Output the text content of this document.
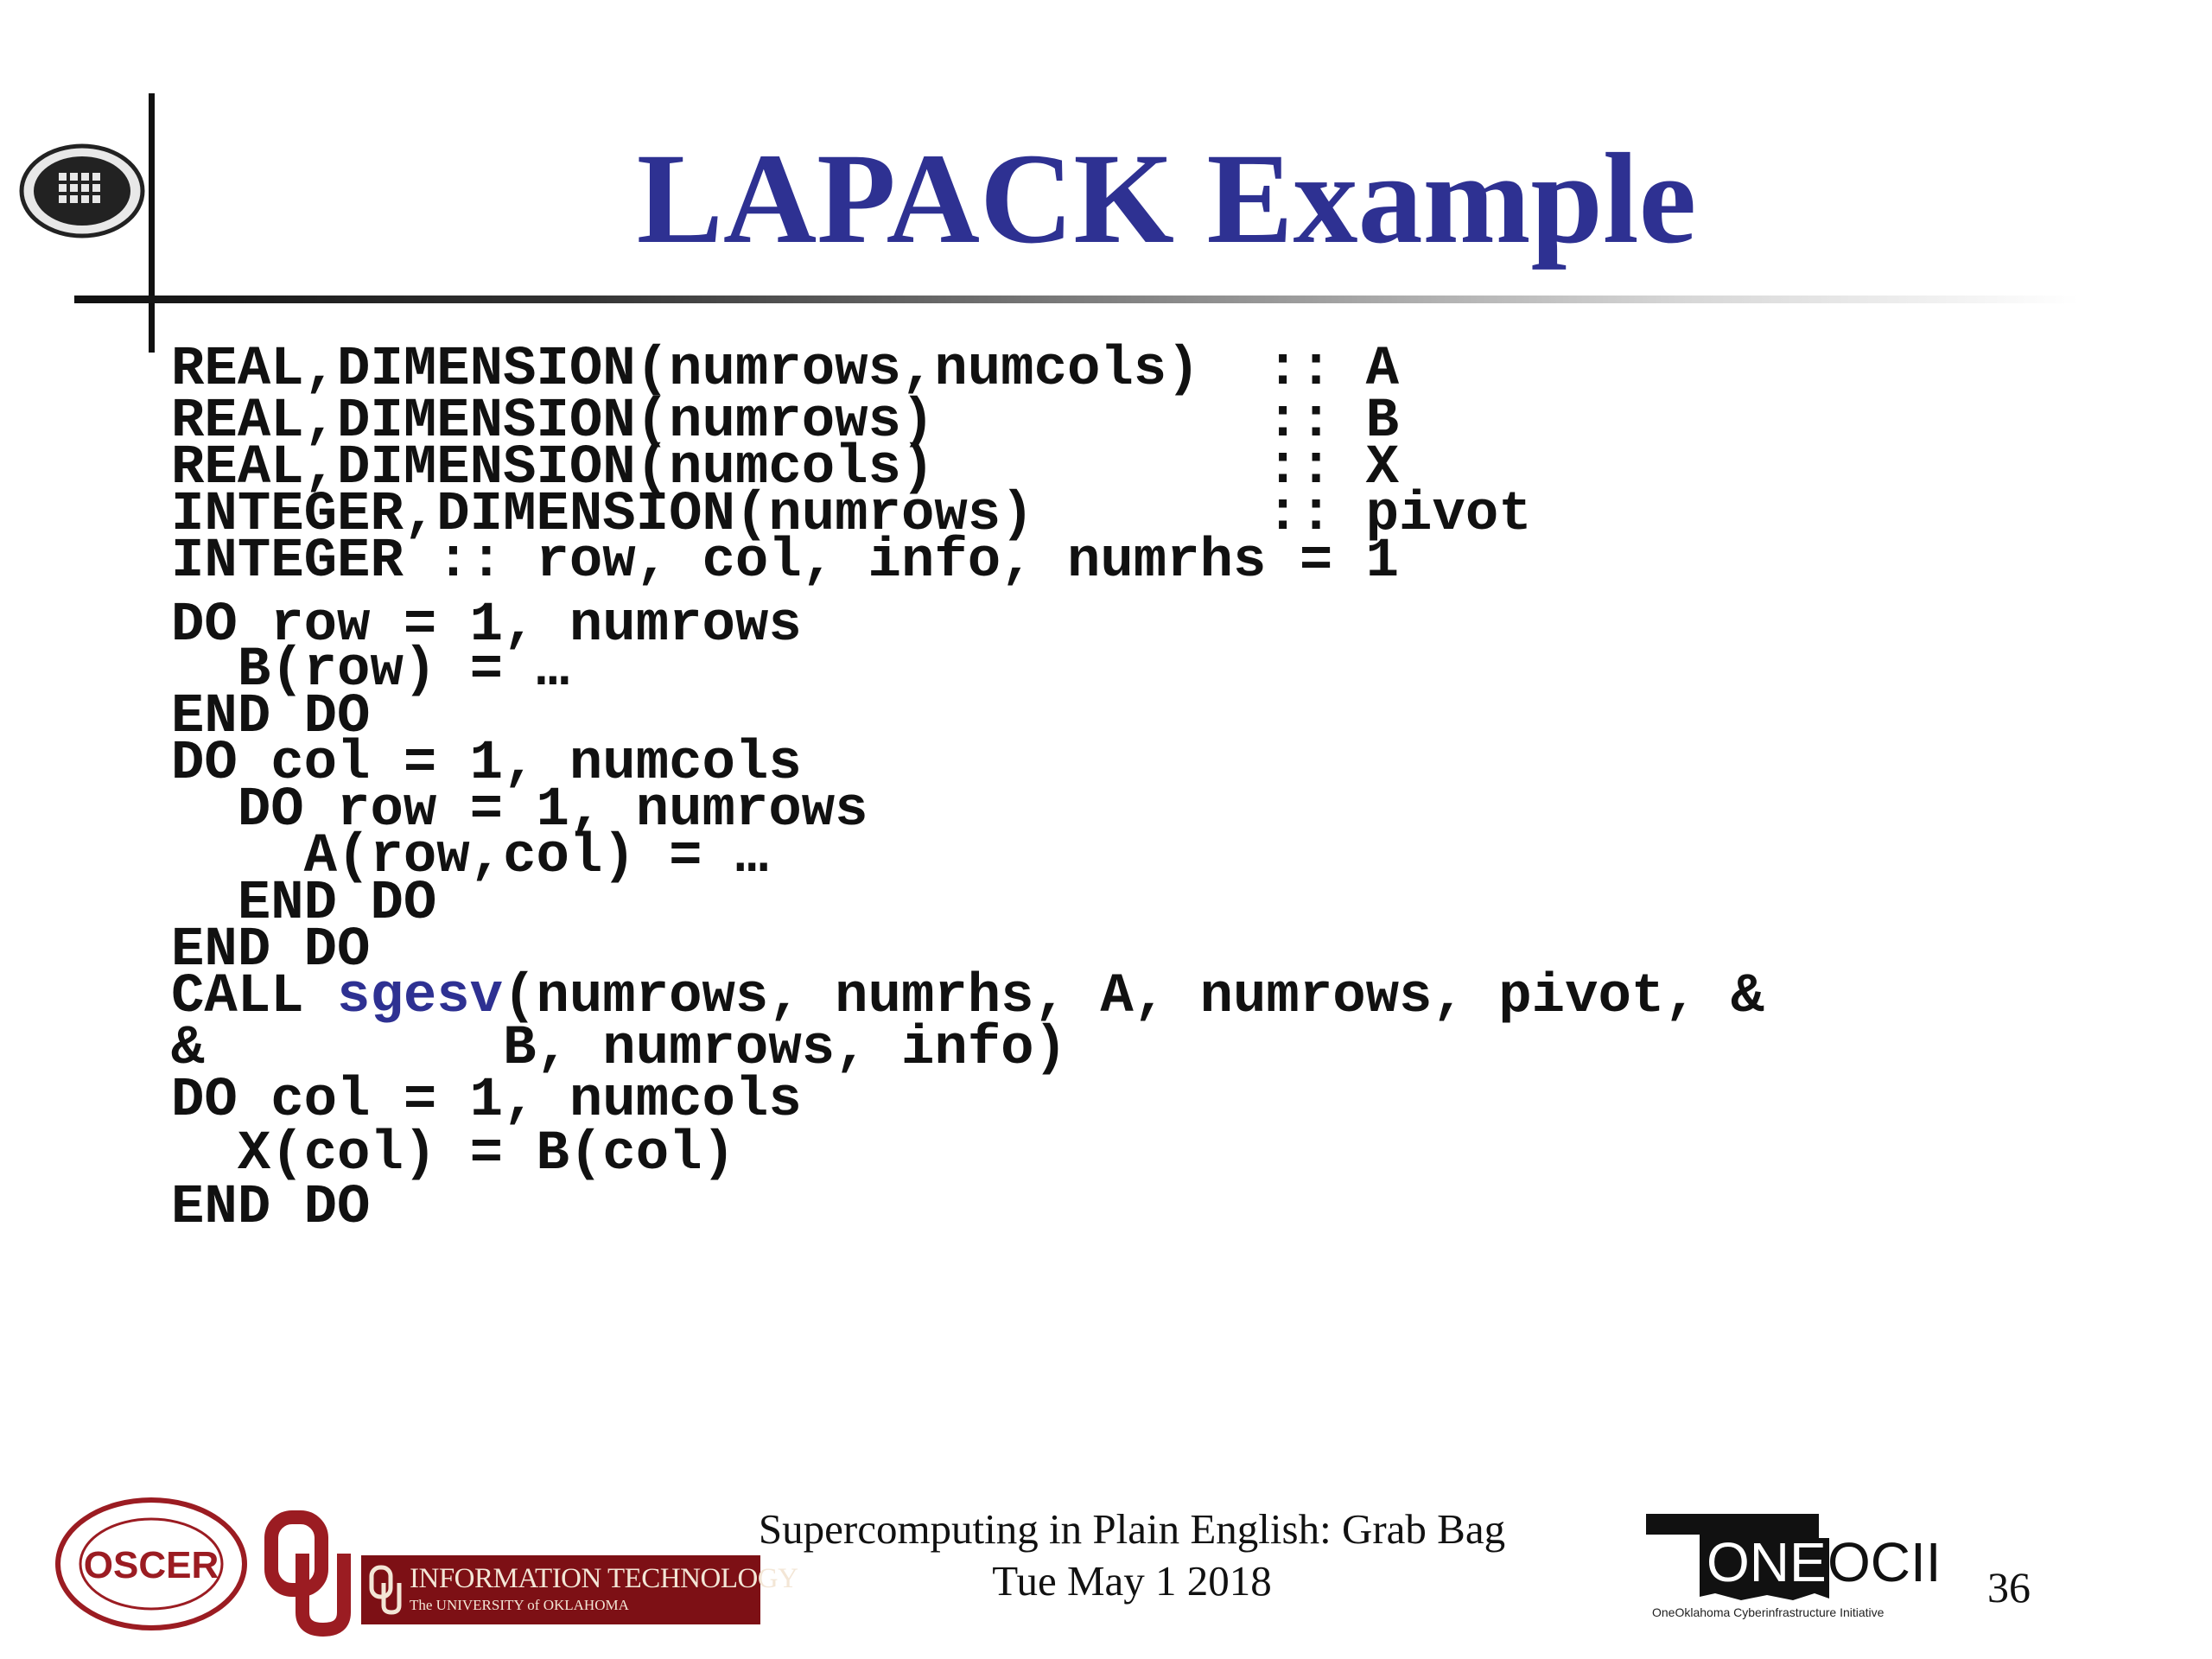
LAPACK Example
REAL,DIMENSION(numrows,numcols)  :: A
REAL,DIMENSION(numrows)          :: B
REAL,DIMENSION(numcols)          :: X
INTEGER,DIMENSION(numrows)       :: pivot
INTEGER :: row, col, info, numrhs = 1
DO row = 1, numrows
B(row) = …
END DO
DO col = 1, numcols
DO row = 1, numrows
A(row,col) = …
END DO
END DO
CALL sgesv(numrows, numrhs, A, numrows, pivot, &
&         B, numrows, info)
DO col = 1, numcols
X(col) = B(col)
END DO
OSCER	INFORMATION TECHNOLOGY
The UNIVERSITY of OKLAHOMA
Supercomputing in Plain English: Grab Bag
Tue May 1 2018	ONE OCII
OneOklahoma Cyberinfrastructure Initiative
36
